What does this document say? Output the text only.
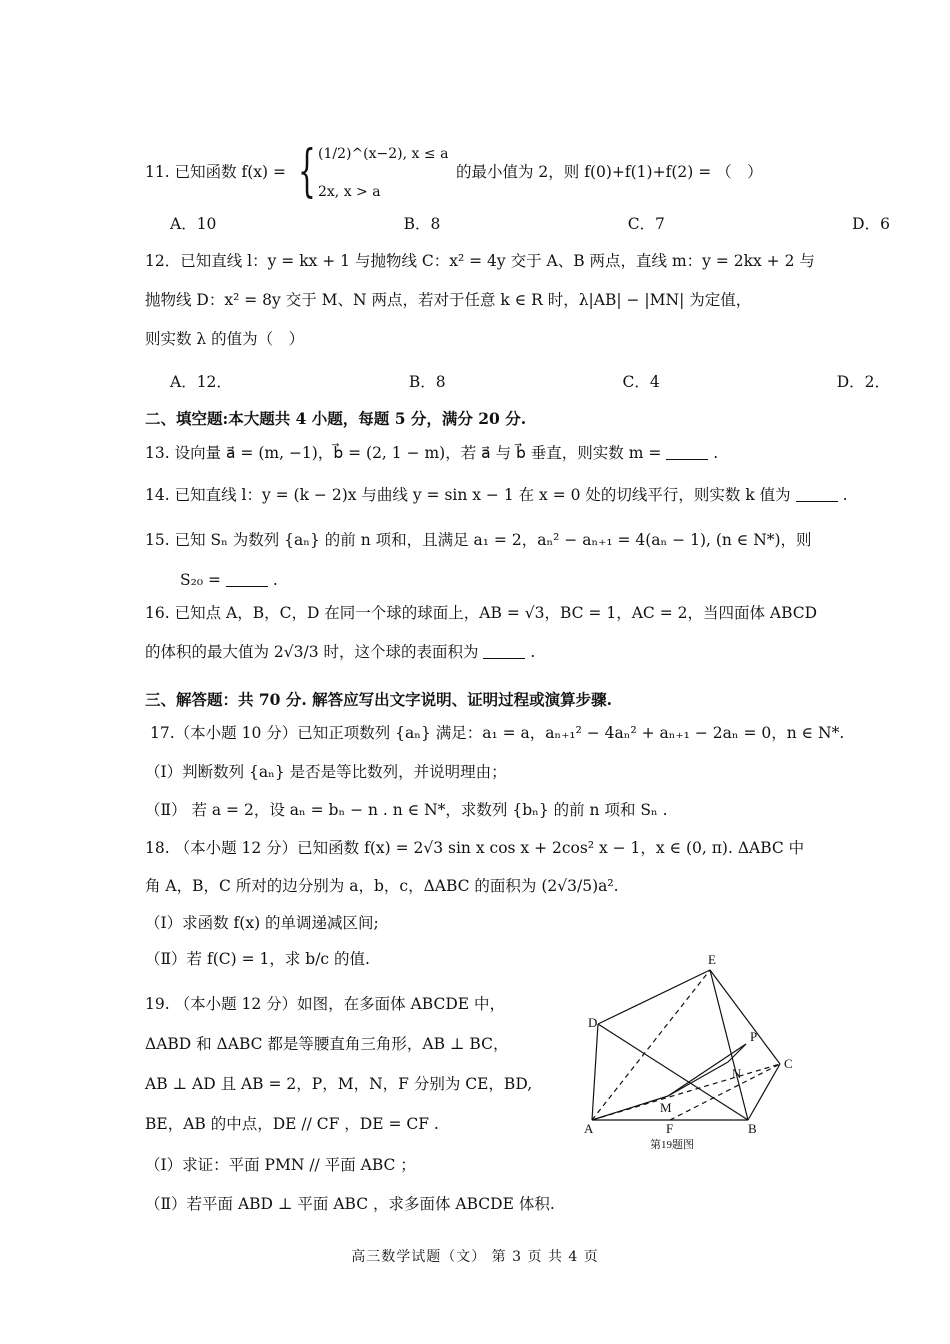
11. 已知函数 f(x) = { (1/2)^(x−2), x ≤ a
2x, x > a
的最小值为 2，则 f(0)+f(1)+f(2) = （　）
A．10	B．8	C．7	D．6
12．已知直线 l：y = kx + 1 与抛物线 C：x² = 4y 交于 A、B 两点，直线 m：y = 2kx + 2 与
抛物线 D：x² = 8y 交于 M、N 两点，若对于任意 k ∈ R 时，λ|AB| − |MN| 为定值，
则实数 λ 的值为（　）
A．12．	B．8	C．4	D．2．
二、填空题:本大题共 4 小题，每题 5 分，满分 20 分.
13. 设向量 a⃗ = (m, −1)，b⃗ = (2, 1 − m)，若 a⃗ 与 b⃗ 垂直，则实数 m =	.
14. 已知直线 l：y = (k − 2)x 与曲线 y = sin x − 1 在 x = 0 处的切线平行，则实数 k 值为	.
15. 已知 Sₙ 为数列 {aₙ} 的前 n 项和，且满足 a₁ = 2，aₙ² − aₙ₊₁ = 4(aₙ − 1), (n ∈ N*)，则
S₂₀ =	.
16. 已知点 A，B，C，D 在同一个球的球面上，AB = √3，BC = 1，AC = 2，当四面体 ABCD
的体积的最大值为 2√3/3 时，这个球的表面积为	.
三、解答题：共 70 分. 解答应写出文字说明、证明过程或演算步骤.
17.（本小题 10 分）已知正项数列 {aₙ} 满足：a₁ = a，aₙ₊₁² − 4aₙ² + aₙ₊₁ − 2aₙ = 0，n ∈ N*.
（Ⅰ）判断数列 {aₙ} 是否是等比数列，并说明理由；
（Ⅱ） 若 a = 2，设 aₙ = bₙ − n . n ∈ N*，求数列 {bₙ} 的前 n 项和 Sₙ .
18. （本小题 12 分）已知函数 f(x) = 2√3 sin x cos x + 2cos² x − 1，x ∈ (0, π). ΔABC 中
角 A，B，C 所对的边分别为 a，b，c，ΔABC 的面积为 (2√3/5)a².
（Ⅰ）求函数 f(x) 的单调递减区间;
（Ⅱ）若 f(C) = 1，求 b/c 的值.
19. （本小题 12 分）如图，在多面体 ABCDE 中，
ΔABD 和 ΔABC 都是等腰直角三角形，AB ⊥ BC，
AB ⊥ AD 且 AB = 2，P，M，N，F 分别为 CE，BD,
BE，AB 的中点，DE // CF ，DE = CF .
（Ⅰ）求证：平面 PMN // 平面 ABC ；
（Ⅱ）若平面 ABD ⊥ 平面 ABC ，求多面体 ABCDE 体积.
E
D
P
N
M
C
A	B
F
第19题图
高三数学试题（文） 第 3 页 共 4 页
